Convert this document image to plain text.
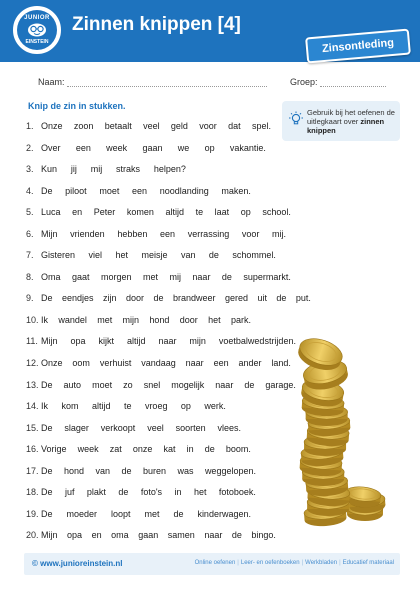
JUNIOR
EINSTEIN
Zinnen knippen [4]
Zinsontleding
Naam:	Groep:
Knip de zin in stukken.
Gebruik bij het oefenen de uitlegkaart over zinnen knippen
1. Onze zoon betaalt veel geld voor dat spel.
2. Over een week gaan we op vakantie.
3. Kun jij mij straks helpen?
4. De piloot moet een noodlanding maken.
5. Luca en Peter komen altijd te laat op school.
6. Mijn vrienden hebben een verrassing voor mij.
7. Gisteren viel het meisje van de schommel.
8. Oma gaat morgen met mij naar de supermarkt.
9. De eendjes zijn door de brandweer gered uit de put.
10. Ik wandel met mijn hond door het park.
11. Mijn opa kijkt altijd naar mijn voetbalwedstrijden.
12. Onze oom verhuist vandaag naar een ander land.
13. De auto moet zo snel mogelijk naar de garage.
14. Ik kom altijd te vroeg op werk.
15. De slager verkoopt veel soorten vlees.
16. Vorige week zat onze kat in de boom.
17. De hond van de buren was weggelopen.
18. De juf plakt de foto's in het fotoboek.
19. De moeder loopt met de kinderwagen.
20. Mijn opa en oma gaan samen naar de bingo.
© www.junioreinstein.nl	Online oefenen | Leer- en oefenboeken | Werkbladen | Educatief materiaal
